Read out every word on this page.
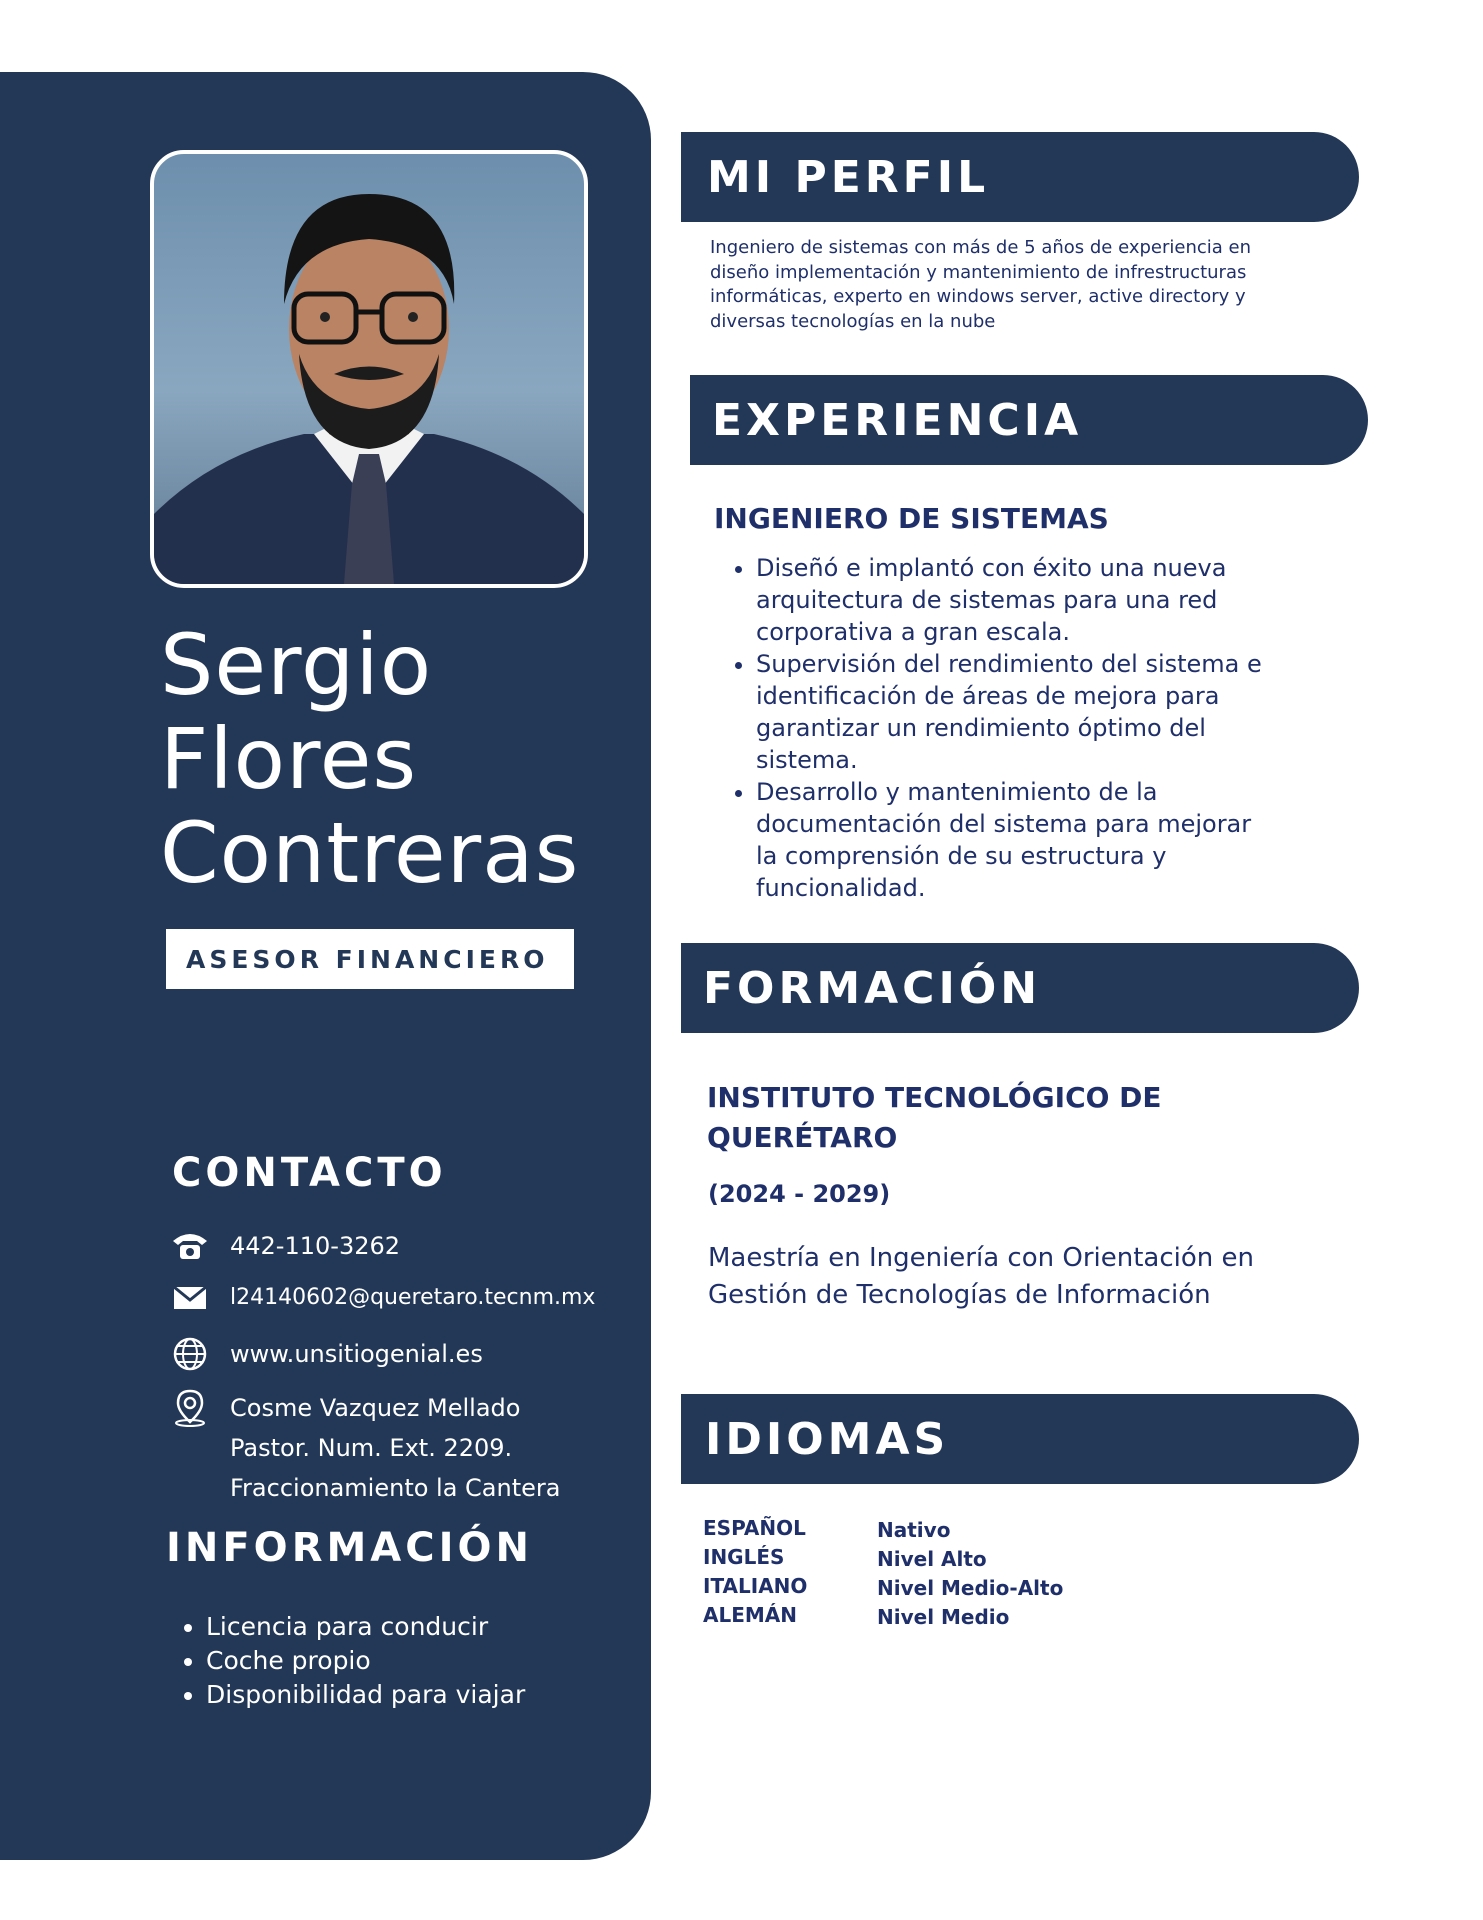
Sergio
Flores
Contreras
ASESOR FINANCIERO
CONTACTO
442-110-3262
l24140602@queretaro.tecnm.mx
www.unsitiogenial.es
Cosme Vazquez Mellado
Pastor. Num. Ext. 2209.
Fraccionamiento la Cantera
INFORMACIÓN
• Licencia para conducir
• Coche propio
• Disponibilidad para viajar
MI PERFIL
Ingeniero de sistemas con más de 5 años de experiencia en
diseño implementación y mantenimiento de infrestructuras
informáticas, experto en windows server, active directory y
diversas tecnologías en la nube
EXPERIENCIA
INGENIERO DE SISTEMAS
• Diseñó e implantó con éxito una nueva
arquitectura de sistemas para una red
corporativa a gran escala.
• Supervisión del rendimiento del sistema e
identificación de áreas de mejora para
garantizar un rendimiento óptimo del
sistema.
• Desarrollo y mantenimiento de la
documentación del sistema para mejorar
la comprensión de su estructura y
funcionalidad.
FORMACIÓN
INSTITUTO TECNOLÓGICO DE
QUERÉTARO
(2024 - 2029)
Maestría en Ingeniería con Orientación en
Gestión de Tecnologías de Información
IDIOMAS
ESPAÑOL
INGLÉS
ITALIANO
ALEMÁN
Nativo
Nivel Alto
Nivel Medio-Alto
Nivel Medio
